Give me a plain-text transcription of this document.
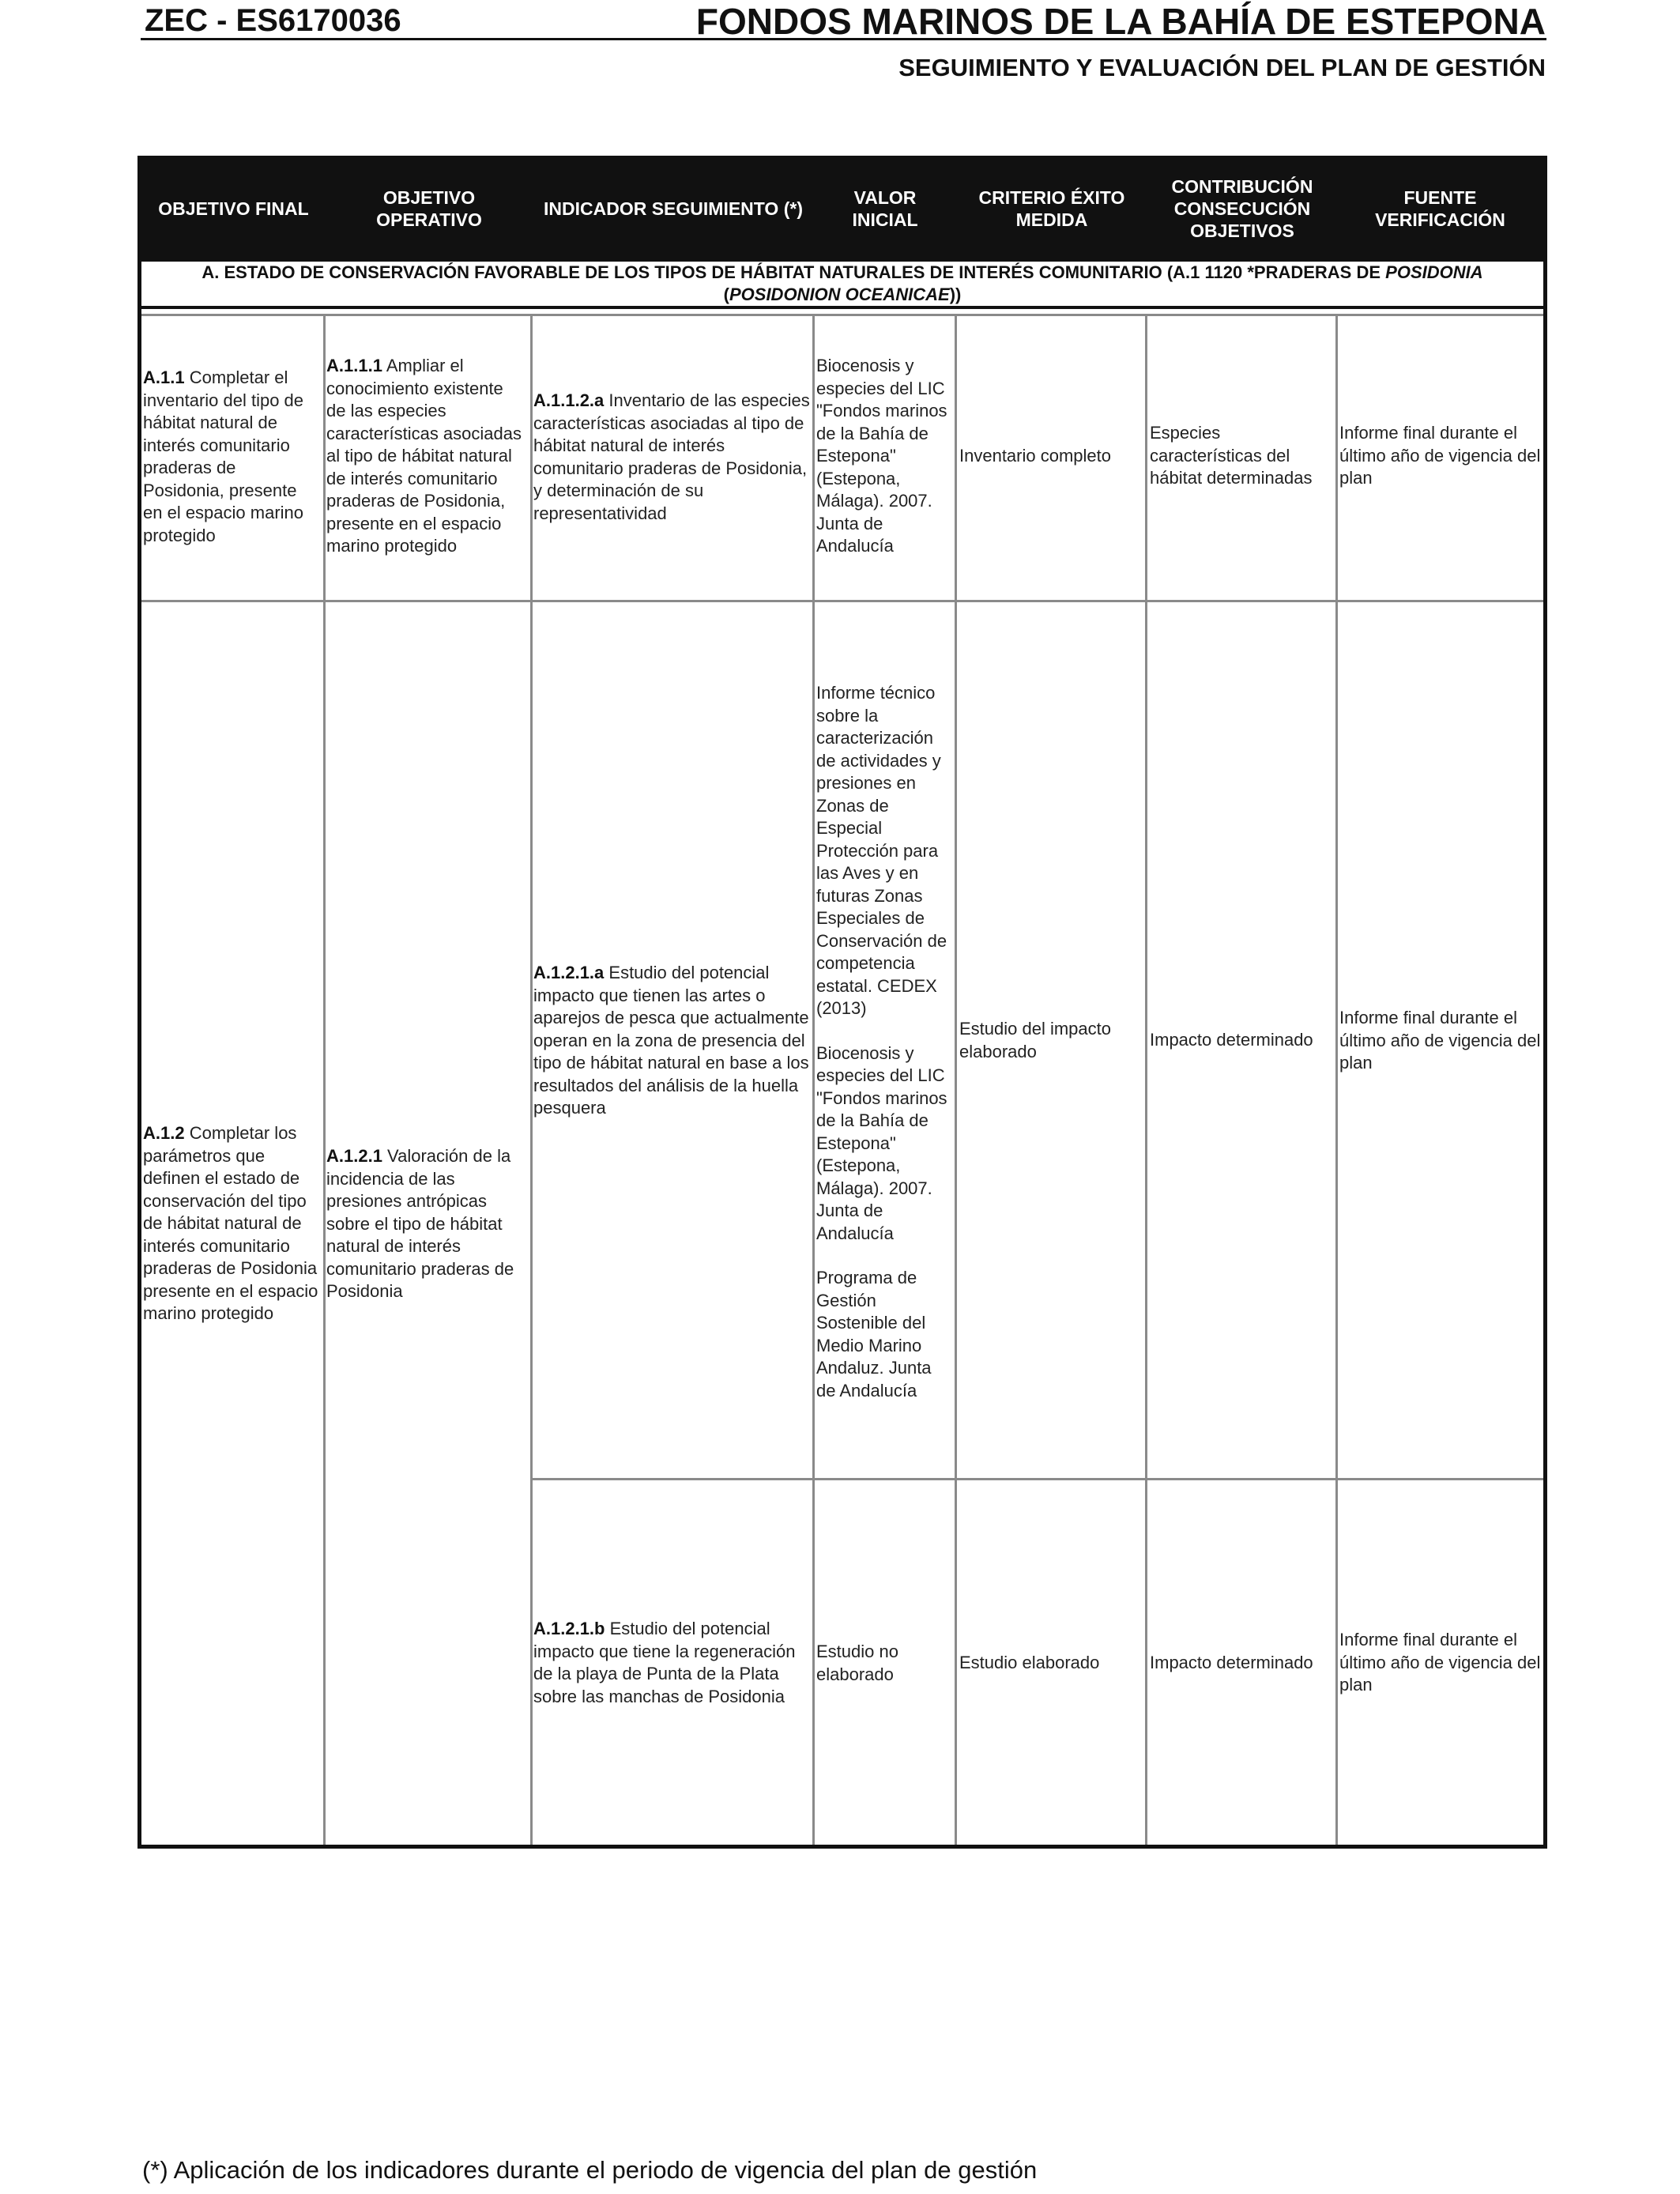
ZEC - ES6170036	FONDOS MARINOS DE LA BAHÍA DE ESTEPONA
SEGUIMIENTO Y EVALUACIÓN DEL PLAN DE GESTIÓN
OBJETIVO FINAL
OBJETIVO OPERATIVO
INDICADOR SEGUIMIENTO (*)
VALOR INICIAL
CRITERIO ÉXITO
MEDIDA
CONTRIBUCIÓN
CONSECUCIÓN
OBJETIVOS
FUENTE VERIFICACIÓN
A. ESTADO DE CONSERVACIÓN FAVORABLE DE LOS TIPOS DE HÁBITAT NATURALES DE INTERÉS COMUNITARIO (A.1 1120 *PRADERAS DE POSIDONIA
(POSIDONION OCEANICAE))

A.1.1 Completar el

inventario del tipo de

hábitat natural de

interés comunitario

praderas de

Posidonia, presente

en el espacio marino

protegido

A.1.1.1 Ampliar el

conocimiento existente

de las especies

características asociadas

al tipo de hábitat natural

de interés comunitario

praderas de Posidonia,

presente en el espacio

marino protegido

A.1.1.2.a Inventario de las especies

características asociadas al tipo de

hábitat natural de interés

comunitario praderas de Posidonia,

y determinación de su

representatividad

Biocenosis y

especies del LIC

"Fondos marinos

de la Bahía de

Estepona"

(Estepona,

Málaga). 2007.

Junta de

Andalucía

Inventario completo

Especies

características del

hábitat determinadas

Informe final durante el

último año de vigencia del

plan

A.1.2 Completar los

parámetros que

definen el estado de

conservación del tipo

de hábitat natural de

interés comunitario

praderas de Posidonia

presente en el espacio

marino protegido

A.1.2.1 Valoración de la

incidencia de las

presiones antrópicas

sobre el tipo de hábitat

natural de interés

comunitario praderas de

Posidonia

A.1.2.1.a Estudio del potencial

impacto que tienen las artes o

aparejos de pesca que actualmente

operan en la zona de presencia del

tipo de hábitat natural en base a los

resultados del análisis de la huella

pesquera

Informe técnico

sobre la

caracterización

de actividades y

presiones en

Zonas de

Especial

Protección para

las Aves y en

futuras Zonas

Especiales de

Conservación de

competencia

estatal. CEDEX

(2013)

Biocenosis y

especies del LIC

"Fondos marinos

de la Bahía de

Estepona"

(Estepona,

Málaga). 2007.

Junta de

Andalucía

Programa de

Gestión

Sostenible del

Medio Marino

Andaluz. Junta

de Andalucía

Estudio del impacto

elaborado

Impacto determinado

Informe final durante el

último año de vigencia del

plan

A.1.2.1.b Estudio del potencial

impacto que tiene la regeneración

de la playa de Punta de la Plata

sobre las manchas de Posidonia

Estudio no

elaborado

Estudio elaborado	Impacto determinado

Informe final durante el

último año de vigencia del

plan

(*) Aplicación de los indicadores durante el periodo de vigencia del plan de gestión
